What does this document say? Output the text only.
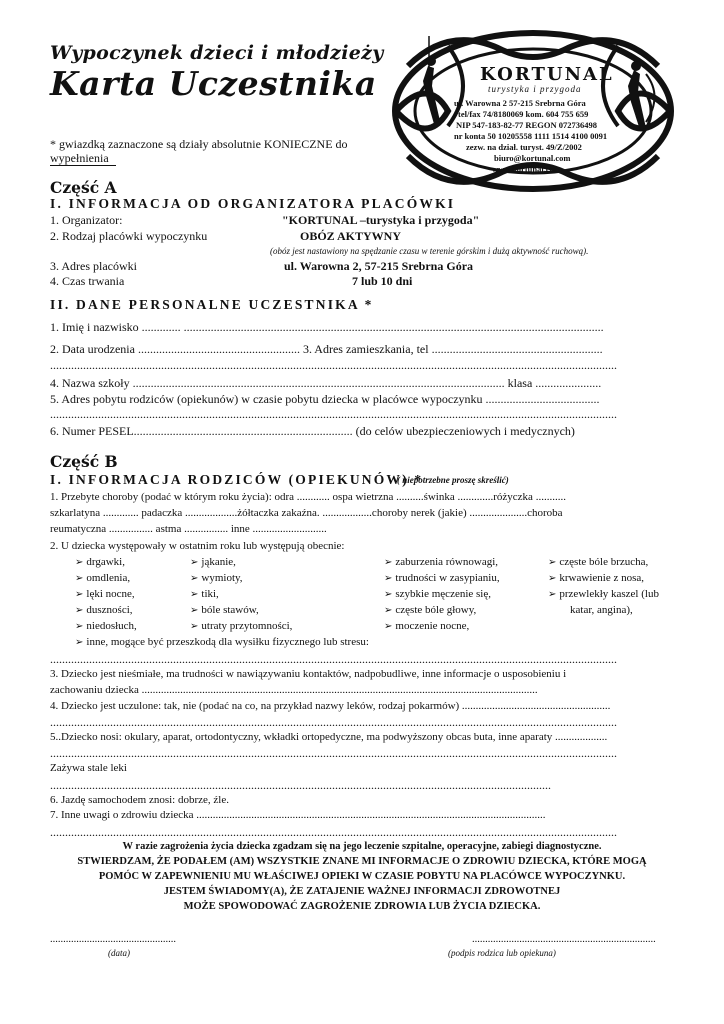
Wypoczynek dzieci i młodzieży
Karta Uczestnika
* gwiazdką zaznaczone są działy absolutnie KONIECZNE do
wypełnienia
KORTUNAL
turystyka i przygoda
ul. Warowna 2 57-215 Srebrna Góra
tel/fax 74/8180069 kom. 604 755 659
NIP 547-183-82-77 REGON 072736498
nr konta 50 10205558 1111 1514 4100 0091
zezw. na dział. turyst. 49/Z/2002
biuro@kortunal.com
www.kortunal.com
Część A
I. INFORMACJA OD ORGANIZATORA PLACÓWKI
1. Organizator:	"KORTUNAL –turystyka i przygoda"
2. Rodzaj placówki wypoczynku	OBÓZ AKTYWNY
(obóz jest nastawiony na spędzanie czasu w terenie górskim i dużą aktywność ruchową).
3. Adres placówki	ul. Warowna 2, 57-215 Srebrna Góra
4. Czas trwania	7 lub 10 dni
II. DANE PERSONALNE UCZESTNIKA *
1. Imię i nazwisko ............. ............................................................................................................................................
2. Data urodzenia ...................................................... 3. Adres zamieszkania, tel .........................................................
.............................................................................................................................................................................................
4. Nazwa szkoły ............................................................................................................................ klasa ......................
5. Adres pobytu rodziców (opiekunów) w czasie pobytu dziecka w placówce wypoczynku ......................................
.............................................................................................................................................................................................
6. Numer PESEL......................................................................... (do celów ubezpieczeniowych i medycznych)
Część B
I. INFORMACJA RODZICÓW (OPIEKUNÓW) *
( niepotrzebne proszę skreślić)
1. Przebyte choroby (podać w którym roku życia): odra ............ ospa wietrzna ..........świnka .............różyczka ...........
szkarlatyna ............. padaczka ...................żółtaczka zakaźna. ..................choroby nerek (jakie) .....................choroba
reumatyczna ................ astma ................ inne ...........................
2. U dziecka występowały w ostatnim roku lub występują obecnie:
➢ drgawki,
➢ omdlenia,
➢ lęki nocne,
➢ duszności,
➢ niedosłuch,
➢ jąkanie,
➢ wymioty,
➢ tiki,
➢ bóle stawów,
➢ utraty przytomności,
➢ zaburzenia równowagi,
➢ trudności w zasypianiu,
➢ szybkie męczenie się,
➢ częste bóle głowy,
➢ moczenie nocne,
➢ częste bóle brzucha,
➢ krwawienie z nosa,
➢ przewlekły kaszel (lub
katar, angina),
➢ inne, mogące być przeszkodą dla wysiłku fizycznego lub stresu:
.............................................................................................................................................................................................
3. Dziecko jest nieśmiałe, ma trudności w nawiązywaniu kontaktów, nadpobudliwe, inne informacje o usposobieniu i
zachowaniu dziecka ................................................................................................................................................
4. Dziecko jest uczulone: tak, nie (podać na co, na przykład nazwy leków, rodzaj pokarmów) ......................................................
.............................................................................................................................................................................................
5..Dziecko nosi: okulary, aparat, ortodontyczny, wkładki ortopedyczne, ma podwyższony obcas buta, inne aparaty ...................
.............................................................................................................................................................................................
Zażywa stale leki
.......................................................................................................................................................................
6. Jazdę samochodem znosi: dobrze, źle.
7. Inne uwagi o zdrowiu dziecka ...............................................................................................................................
.............................................................................................................................................................................................
W razie zagrożenia życia dziecka zgadzam się na jego leczenie szpitalne, operacyjne, zabiegi diagnostyczne.
STWIERDZAM, ŻE PODAŁEM (AM) WSZYSTKIE ZNANE MI INFORMACJE O ZDROWIU DZIECKA, KTÓRE MOGĄ
POMÓC W ZAPEWNIENIU MU WŁAŚCIWEJ OPIEKI W CZASIE POBYTU NA PLACÓWCE WYPOCZYNKU.
JESTEM ŚWIADOMY(A), ŻE ZATAJENIE WAŻNEJ INFORMACJI ZDROWOTNEJ
MOŻE SPOWODOWAĆ ZAGROŻENIE ZDROWIA LUB ŻYCIA DZIECKA.
................................................	......................................................................
(data)	(podpis rodzica lub opiekuna)
